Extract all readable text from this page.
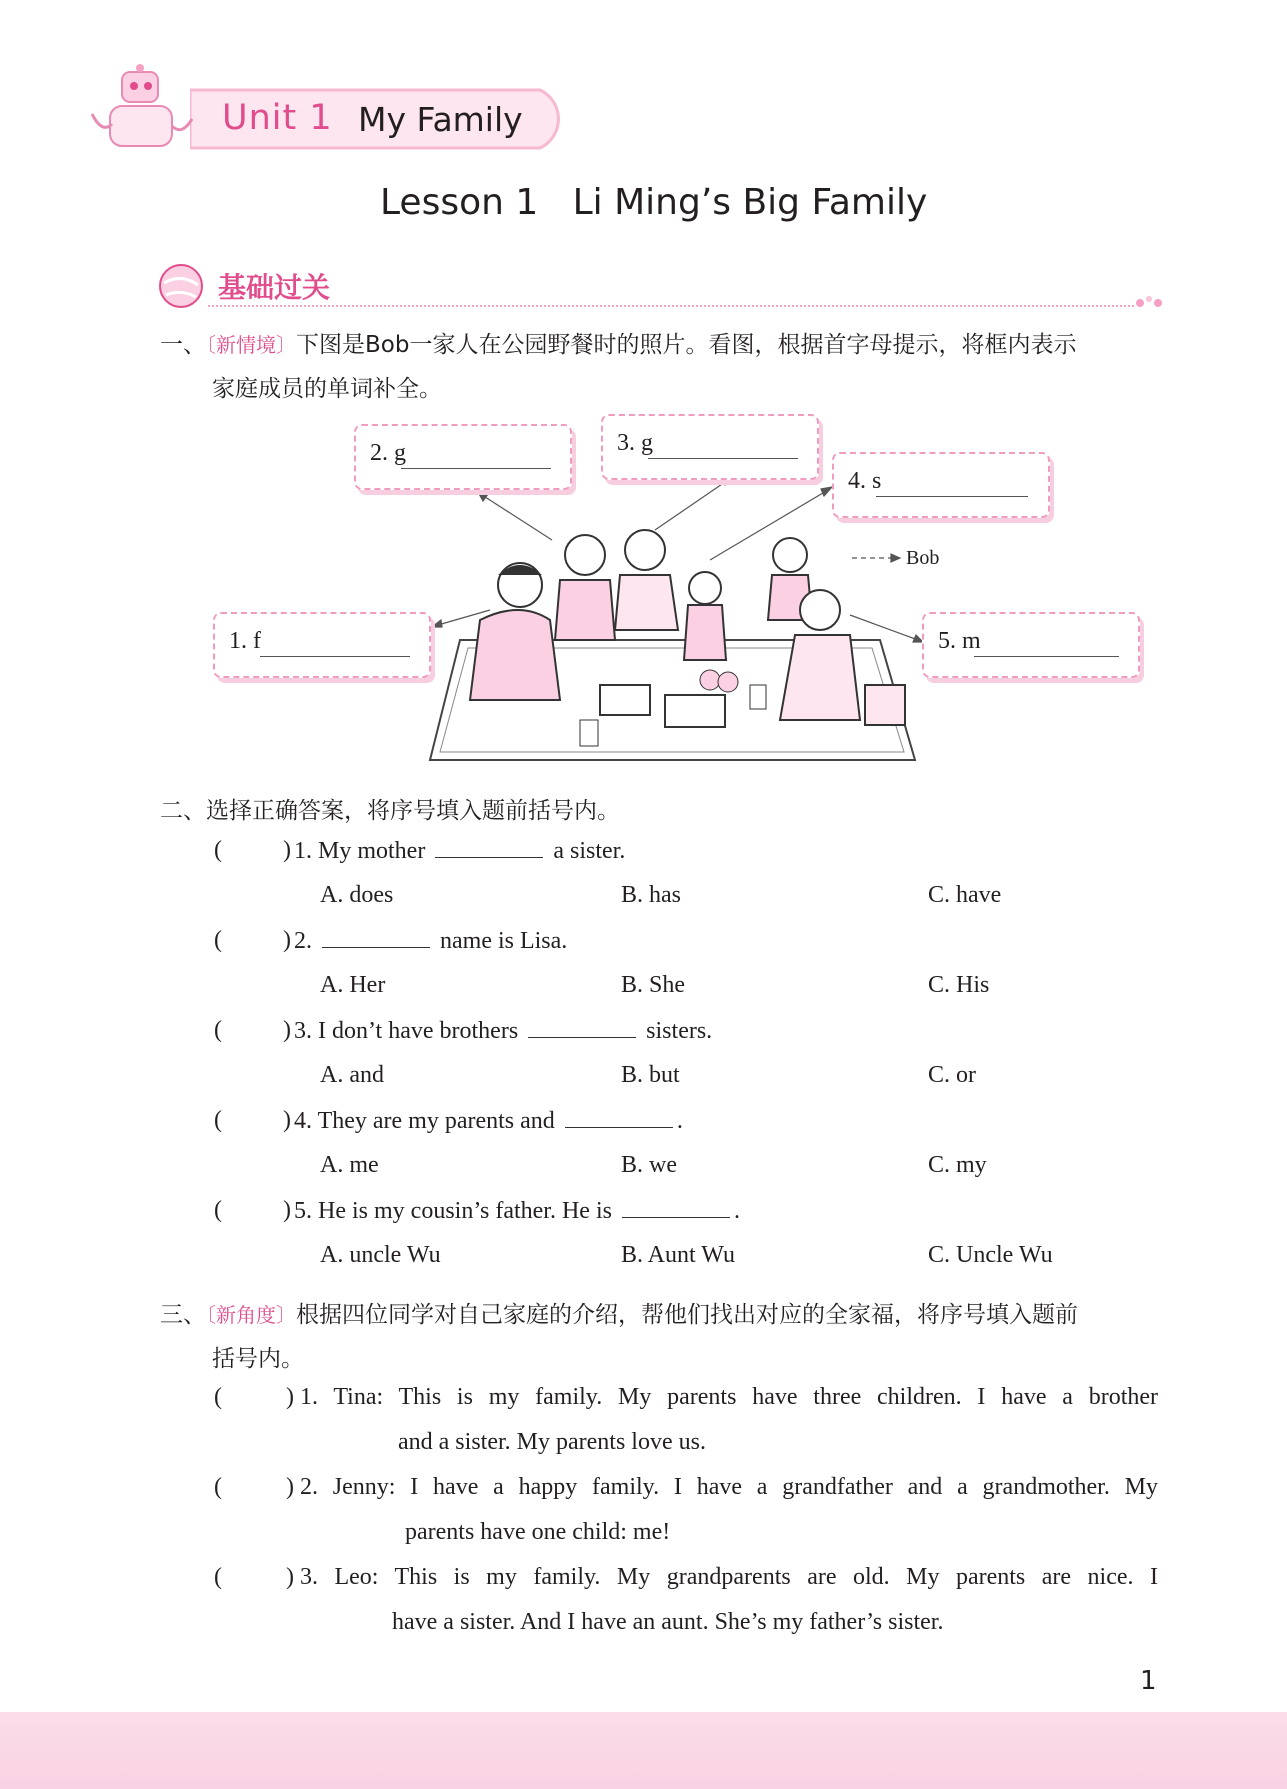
Unit 1 My Family
Lesson 1   Li Ming’s Big Family
基础过关
一、〔新情境〕下图是Bob一家人在公园野餐时的照片。看图，根据首字母提示，将框内表示
家庭成员的单词补全。
Bob
1. f
2. g	3. g
4. s
5. m
二、选择正确答案，将序号填入题前括号内。
(	) 1. My mother	a sister.
A. does	B. has	C. have
(	) 2.	name is Lisa.
A. Her	B. She	C. His
(	) 3. I don’t have brothers	sisters.
A. and	B. but	C. or
(	) 4. They are my parents and	.
A. me	B. we	C. my
(	) 5. He is my cousin’s father. He is	.
A. uncle Wu	B. Aunt Wu	C. Uncle Wu
三、〔新角度〕根据四位同学对自己家庭的介绍，帮他们找出对应的全家福，将序号填入题前
括号内。
(	) 1. Tina: This is my family. My parents have three children. I have a brother
and a sister. My parents love us.
(	) 2. Jenny: I have a happy family. I have a grandfather and a grandmother. My
parents have one child: me!
(	) 3. Leo: This is my family. My grandparents are old. My parents are nice. I
have a sister. And I have an aunt. She’s my father’s sister.
1
